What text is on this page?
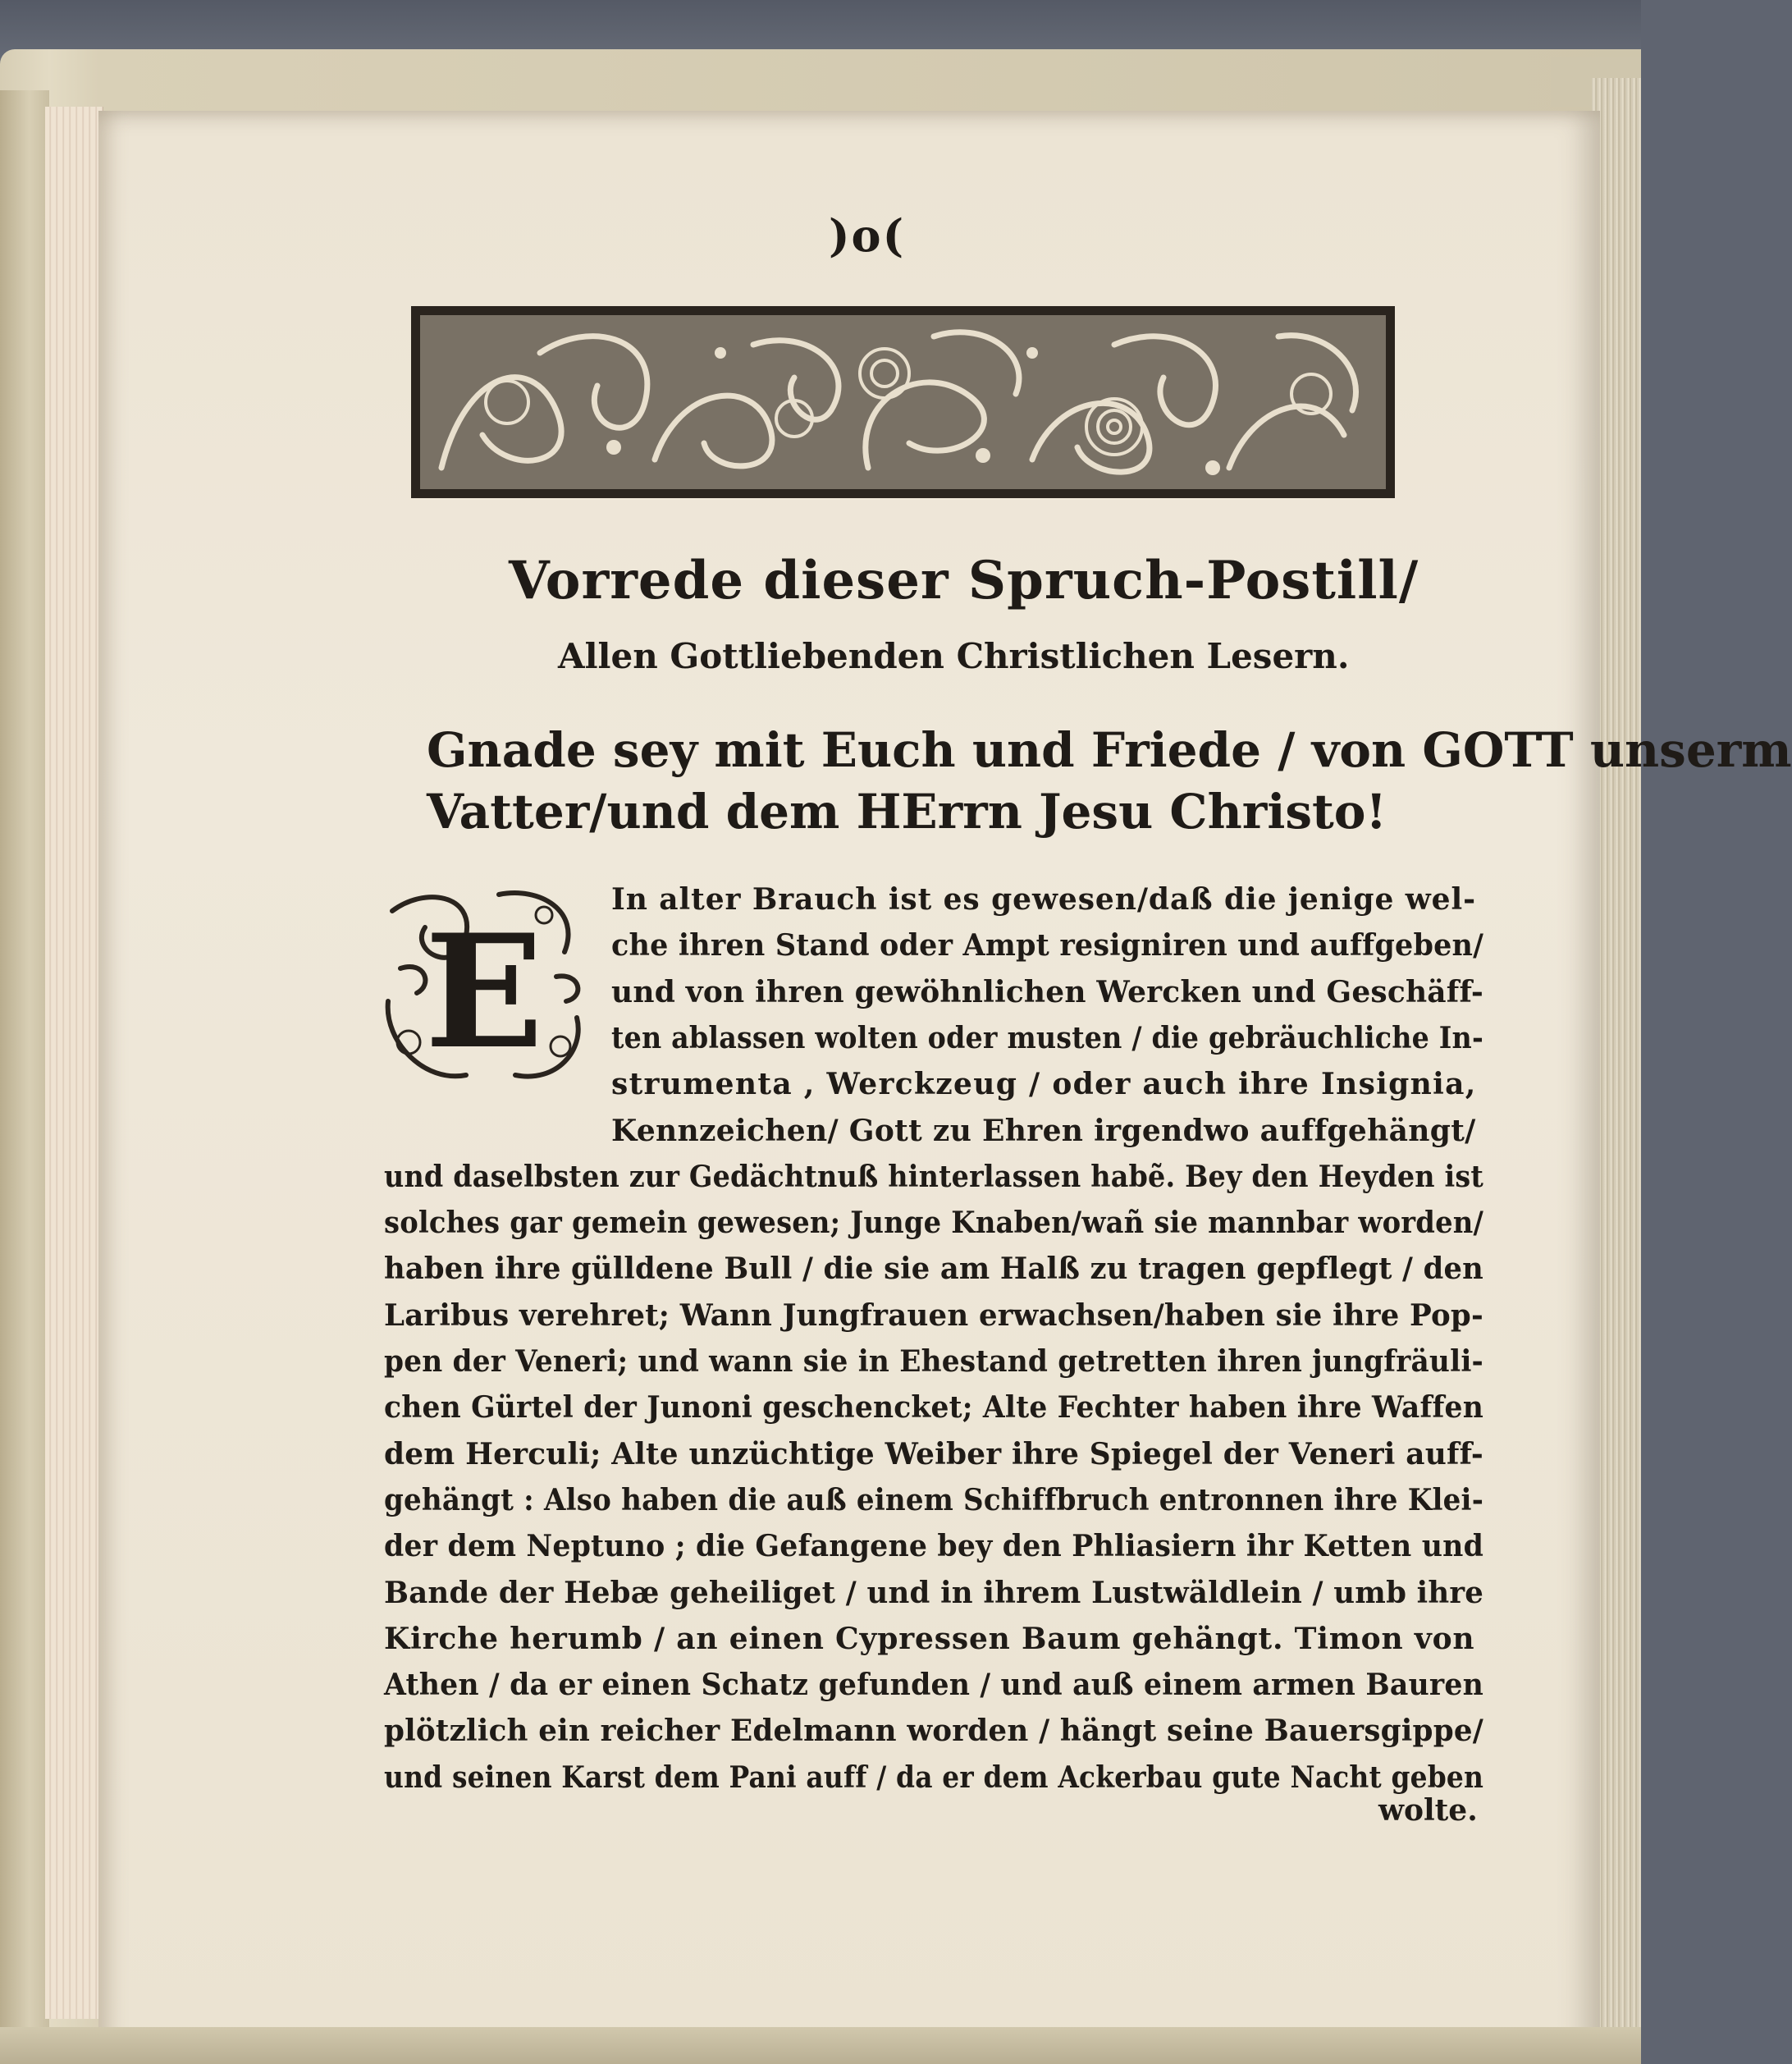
)o(
Vorrede dieser Spruch-Postill/
Allen Gottliebenden Christlichen Lesern.
Gnade sey mit Euch und Friede / von GOTT unserm
Vatter/und dem HErrn Jesu Christo!
E
In alter Brauch ist es gewesen/daß die jenige wel-
che ihren Stand oder Ampt resigniren und auffgeben/
und von ihren gewöhnlichen Wercken und Geschäff-
ten ablassen wolten oder musten / die gebräuchliche In-
strumenta , Werckzeug / oder auch ihre Insignia,
Kennzeichen/ Gott zu Ehren irgendwo auffgehängt/
und daselbsten zur Gedächtnuß hinterlassen habẽ. Bey den Heyden ist
solches gar gemein gewesen; Junge Knaben/wañ sie mannbar worden/
haben ihre gülldene Bull / die sie am Halß zu tragen gepflegt / den
Laribus verehret; Wann Jungfrauen erwachsen/haben sie ihre Pop-
pen der Veneri; und wann sie in Ehestand getretten ihren jungfräuli-
chen Gürtel der Junoni geschencket; Alte Fechter haben ihre Waffen
dem Herculi; Alte unzüchtige Weiber ihre Spiegel der Veneri auff-
gehängt : Also haben die auß einem Schiffbruch entronnen ihre Klei-
der dem Neptuno ; die Gefangene bey den Phliasiern ihr Ketten und
Bande der Hebæ geheiliget / und in ihrem Lustwäldlein / umb ihre
Kirche herumb / an einen Cypressen Baum gehängt. Timon von
Athen / da er einen Schatz gefunden / und auß einem armen Bauren
plötzlich ein reicher Edelmann worden / hängt seine Bauersgippe/
und seinen Karst dem Pani auff / da er dem Ackerbau gute Nacht geben
wolte.
